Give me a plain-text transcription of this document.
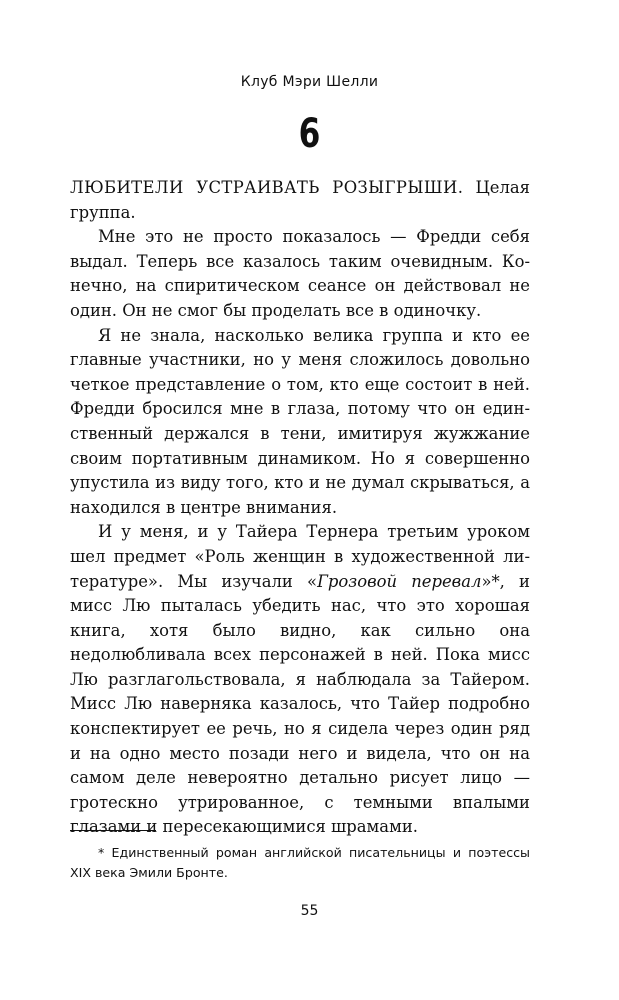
Клуб Мэри Шелли
6

ЛЮБИТЕЛИ УСТРАИВАТЬ РОЗЫГРЫШИ. Целая группа.

Мне это не просто показалось — Фредди себя выдал. Теперь все казалось таким очевидным. Конечно, на спиритическом сеансе он действовал не один. Он не смог бы проделать все в одиночку.

Я не знала, насколько велика группа и кто ее главные участники, но у меня сложилось довольно четкое представление о том, кто еще состоит в ней. Фредди бросился мне в глаза, потому что он единственный держался в тени, имитируя жужжание своим портативным динамиком. Но я совершенно упустила из виду того, кто и не думал скрываться, а находился в центре внимания.

И у меня, и у Тайера Тернера третьим уроком шел предмет «Роль женщин в художественной литературе». Мы изучали «Грозовой перевал»*, и мисс Лю пыталась убедить нас, что это хорошая книга, хотя было видно, как сильно она недолюбливала всех персонажей в ней. Пока мисс Лю разглагольствовала, я наблюдала за Тайером. Мисс Лю наверняка казалось, что Тайер подробно конспектирует ее речь, но я сидела через один ряд и на одно место позади него и видела, что он на самом деле невероятно детально рисует лицо — гротескно утрированное, с темными впалыми глазами и пересекающимися шрамами.

* Единственный роман английской писательницы и поэтессы XIX века Эмили Бронте.
55
